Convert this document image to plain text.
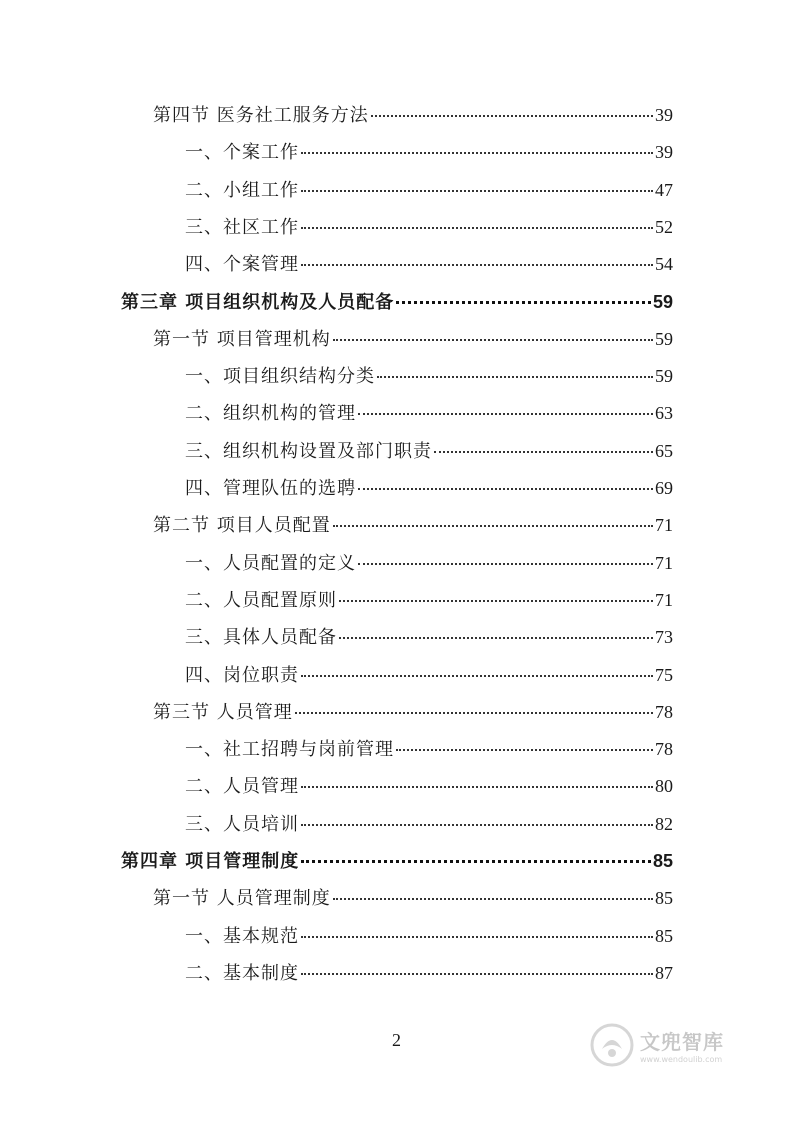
第四节 医务社工服务方法	39
一、个案工作	39
二、小组工作	47
三、社区工作	52
四、个案管理	54
第三章 项目组织机构及人员配备	59
第一节 项目管理机构	59
一、项目组织结构分类	59
二、组织机构的管理	63
三、组织机构设置及部门职责	65
四、管理队伍的选聘	69
第二节 项目人员配置	71
一、人员配置的定义	71
二、人员配置原则	71
三、具体人员配备	73
四、岗位职责	75
第三节 人员管理	78
一、社工招聘与岗前管理	78
二、人员管理	80
三、人员培训	82
第四章 项目管理制度	85
第一节 人员管理制度	85
一、基本规范	85
二、基本制度	87
2	文兜智库
www.wendoulib.com
